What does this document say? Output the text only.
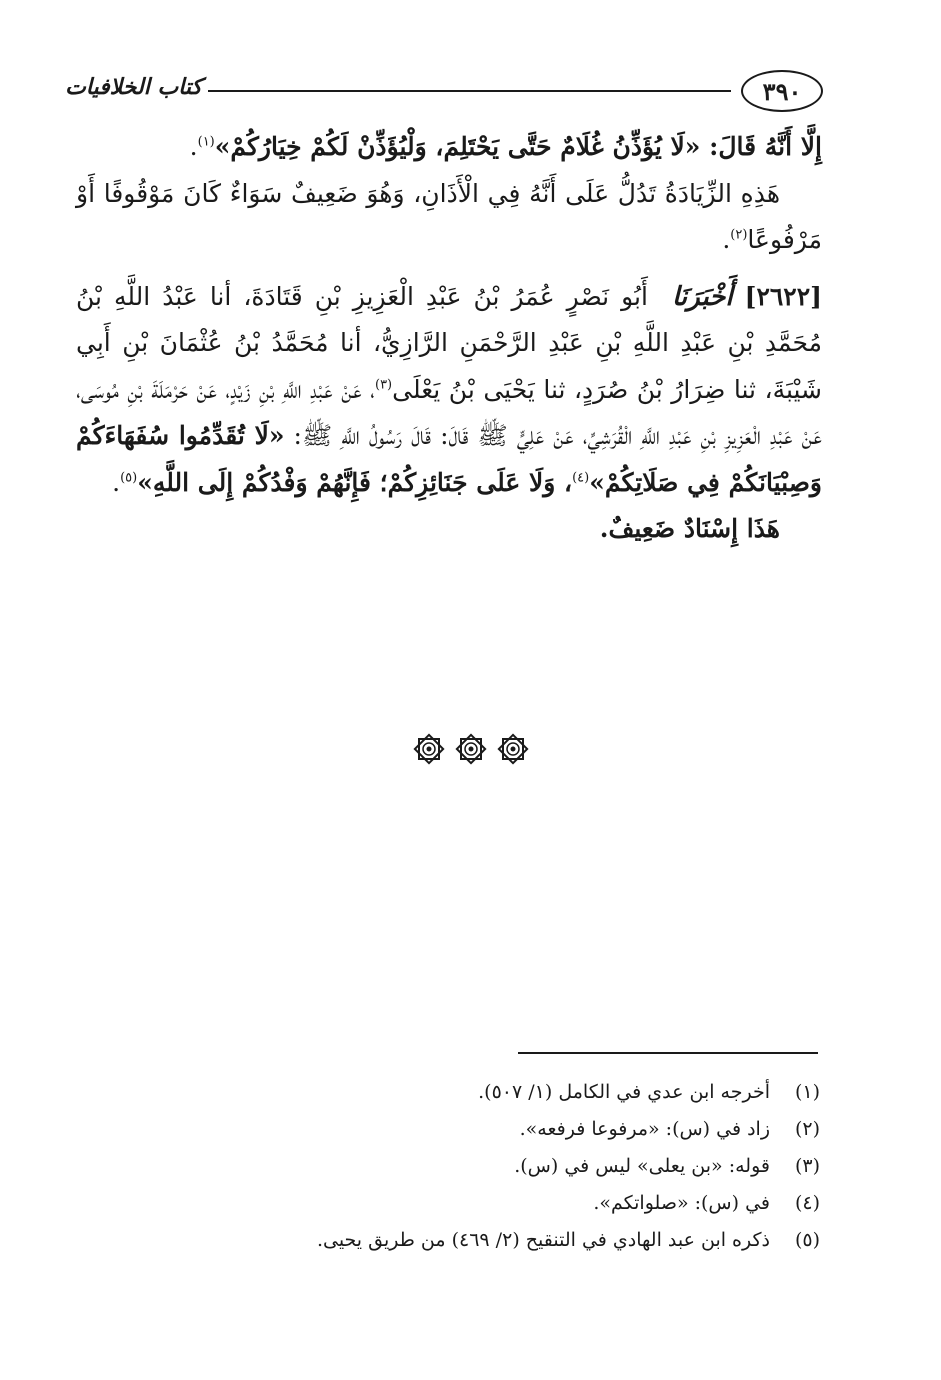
٣٩٠
كتاب الخلافيات

إِلَّا أَنَّهُ قَالَ: «لَا يُؤَذِّنُ غُلَامٌ حَتَّى يَحْتَلِمَ، وَلْيُؤَذِّنْ لَكُمْ خِيَارُكُمْ»$^{(١)}$.

هَذِهِ الزِّيَادَةُ تَدُلُّ عَلَى أَنَّهُ فِي الْأَذَانِ، وَهُوَ ضَعِيفٌ سَوَاءٌ كَانَ مَوْقُوفًا أَوْ مَرْفُوعًا$^{(٢)}$.

[٢٦٢٢] أَخْبَرَنَا  أَبُو نَصْرٍ عُمَرُ بْنُ عَبْدِ الْعَزِيزِ بْنِ قَتَادَةَ، أنا عَبْدُ اللَّهِ بْنُ مُحَمَّدِ بْنِ عَبْدِ اللَّهِ بْنِ عَبْدِ الرَّحْمَنِ الرَّازِيُّ، أنا مُحَمَّدُ بْنُ عُثْمَانَ بْنِ أَبِي شَيْبَةَ، ثنا ضِرَارُ بْنُ صُرَدٍ، ثنا يَحْيَى بْنُ يَعْلَى$^{(٣)}$، عَنْ عَبْدِ اللَّهِ بْنِ زَيْدٍ، عَنْ حَرْمَلَةَ بْنِ مُوسَى، عَنْ عَبْدِ الْعَزِيزِ بْنِ عَبْدِ اللَّهِ الْقُرَشِيِّ، عَنْ عَلِيٍّ ﷺ قَالَ: قَالَ رَسُولُ اللَّهِ ﷺ: «لَا تُقَدِّمُوا سُفَهَاءَكُمْ وَصِبْيَانَكُمْ فِي صَلَاتِكُمْ»$^{(٤)}$، وَلَا عَلَى جَنَائِزِكُمْ؛ فَإِنَّهُمْ وَفْدُكُمْ إِلَى اللَّهِ»$^{(٥)}$.

هَذَا إِسْنَادٌ ضَعِيفٌ.

(١)
أخرجه ابن عدي في الكامل (١/ ٥٠٧).
(٢)
زاد في (س): «مرفوعا فرفعه».
(٣)
قوله: «بن يعلى» ليس في (س).
(٤)
في (س): «صلواتكم».
(٥)
ذكره ابن عبد الهادي في التنقيح (٢/ ٤٦٩) من طريق يحيى.
